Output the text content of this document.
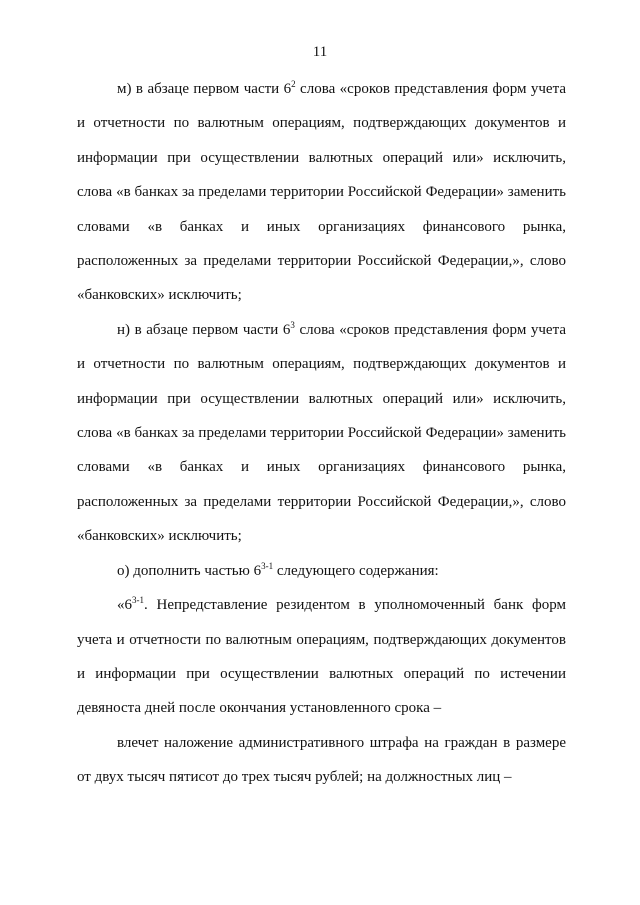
11

м) в абзаце первом части $6^2$ слова «сроков представления форм учета и отчетности по валютным операциям, подтверждающих документов и информации при осуществлении валютных операций или» исключить, слова «в банках за пределами территории Российской Федерации» заменить словами «в банках и иных организациях финансового рынка, расположенных за пределами территории Российской Федерации,», слово «банковских» исключить;

н) в абзаце первом части $6^3$ слова «сроков представления форм учета и отчетности по валютным операциям, подтверждающих документов и информации при осуществлении валютных операций или» исключить, слова «в банках за пределами территории Российской Федерации» заменить словами «в банках и иных организациях финансового рынка, расположенных за пределами территории Российской Федерации,», слово «банковских» исключить;

о) дополнить частью 6$^{3-1}$ следующего содержания:

«6$^{3-1}$. Непредставление резидентом в уполномоченный банк форм учета и отчетности по валютным операциям, подтверждающих документов и информации при осуществлении валютных операций по истечении девяноста дней после окончания установленного срока –

влечет наложение административного штрафа на граждан в размере от двух тысяч пятисот до трех тысяч рублей; на должностных лиц –
